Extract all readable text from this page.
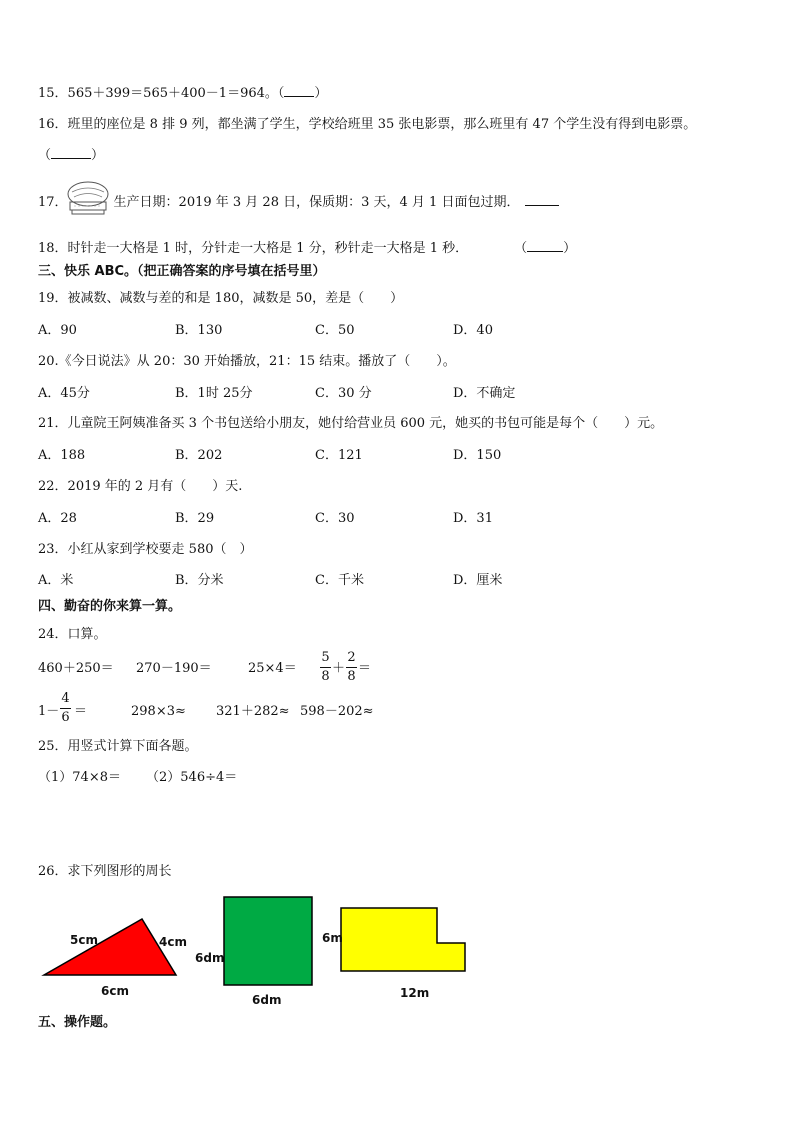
15．565＋399＝565＋400－1＝964。（ ）
16．班里的座位是 8 排 9 列，都坐满了学生，学校给班里 35 张电影票，那么班里有 47 个学生没有得到电影票。
（	）
17．	生产日期：2019 年 3 月 28 日，保质期：3 天，4 月 1 日面包过期．
18．时针走一大格是 1 时，分针走一大格是 1 分，秒针走一大格是 1 秒．	（	）
三、快乐 ABC。（把正确答案的序号填在括号里）
19．被减数、减数与差的和是 180，减数是 50，差是（　　）
A．90	B．130	C．50	D．40
20.《今日说法》从 20：30 开始播放，21：15 结束。播放了（　　）。
A．45分	B．1时 25分	C．30 分	D．不确定
21．儿童院王阿姨准备买 3 个书包送给小朋友，她付给营业员 600 元，她买的书包可能是每个（　　）元。
A．188	B．202	C．121	D．150
22．2019 年的 2 月有（　　）天.
A．28	B．29	C．30	D．31
23．小红从家到学校要走 580（　）
A．米	B．分米	C．千米	D．厘米
四、勤奋的你来算一算。
24．口算。
460＋250＝ 270－190＝	25×4＝
5
8
＋
2
8
＝
1－
4
6 ＝	298×3≈ 321＋282≈ 598－202≈
25．用竖式计算下面各题。
（1）74×8＝ （2）546÷4＝
26．求下列图形的周长
5cm	4cm
6cm
6dm
6dm
6m
12m
五、操作题。
